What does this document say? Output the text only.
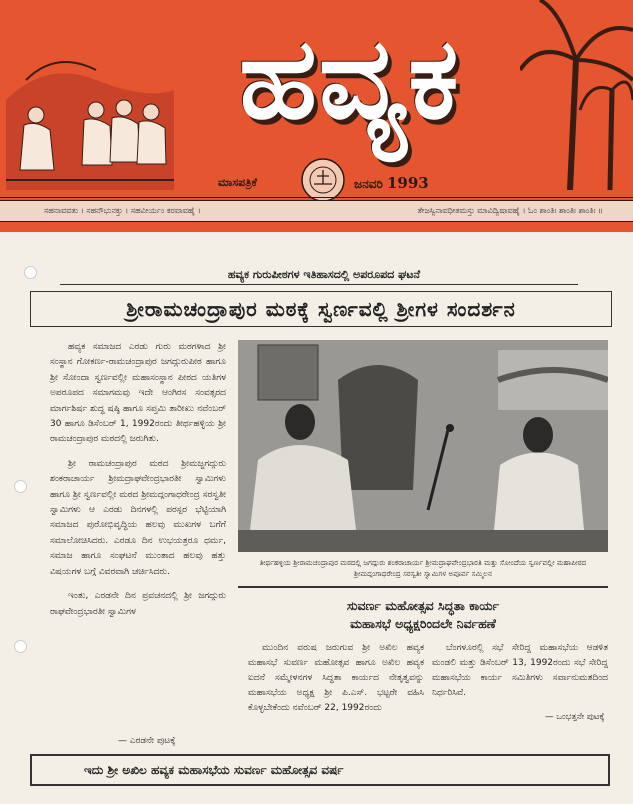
ಹವ್ಯಕ
ಮಾಸಪತ್ರಿಕೆ	ಜನವರಿ 1993
ಸಹನಾವವತು । ಸಹನೌಭುನಕ್ತು । ಸಹವೀರ್ಯಂ ಕರವಾವಹೈ ।	ತೇಜಸ್ವಿನಾವಧೀತಮಸ್ತು ಮಾವಿದ್ವಿಷಾವಹೈ । ಓಂ ಶಾಂತಿಃ ಶಾಂತಿಃ ಶಾಂತಿಃ ॥
ಹವ್ಯಕ ಗುರುಪೀಠಗಳ ಇತಿಹಾಸದಲ್ಲಿ ಅಪರೂಪದ ಘಟನೆ
ಶ್ರೀರಾಮಚಂದ್ರಾಪುರ ಮಠಕ್ಕೆ ಸ್ವರ್ಣವಲ್ಲಿ ಶ್ರೀಗಳ ಸಂದರ್ಶನ

ಹವ್ಯಕ ಸಮಾಜದ ಎರಡು ಗುರು ಮಠಗಳಾದ ಶ್ರೀ ಸಂಸ್ಥಾನ ಗೋಕರ್ಣ-ರಾಮಚಂದ್ರಾಪುರ ಜಗದ್ಗುರುಪೀಠ ಹಾಗೂ ಶ್ರೀ ಸೋಂದಾ ಸ್ವರ್ಣವಲ್ಲೀ ಮಹಾಸಂಸ್ಥಾನ ಪೀಠದ ಯತಿಗಳ ಅಪರೂಪದ ಸಮಾಗಮವು ಇದೇ ಆಂಗಿರಸ ಸಂವತ್ಸರದ ಮಾರ್ಗಶಿರ್ಷ ಶುದ್ಧ ಷಷ್ಠಿ ಹಾಗೂ ಸಪ್ತಮಿ ತಾರೀಖು ನವೆಂಬರ್ 30 ಹಾಗೂ ಡಿಸೆಂಬರ್ 1, 1992ರಂದು ತೀರ್ಥಹಳ್ಳಿಯ ಶ್ರೀ ರಾಮಚಂದ್ರಾಪುರ ಮಠದಲ್ಲಿ ಜರುಗಿತು.

ಶ್ರೀ ರಾಮಚಂದ್ರಾಪುರ ಮಠದ ಶ್ರೀಮಜ್ಜಗದ್ಗುರು ಶಂಕರಾಚಾರ್ಯ ಶ್ರೀಮದ್ರಾಘವೇಂದ್ರಭಾರತೀ ಸ್ವಾಮಿಗಳು ಹಾಗೂ ಶ್ರೀ ಸ್ವರ್ಣವಲ್ಲೀ ಮಠದ ಶ್ರೀಮದ್ಗಂಗಾಧರೇಂದ್ರ ಸರಸ್ವತೀ ಸ್ವಾಮಿಗಳು ಆ ಎರಡು ದಿನಗಳಲ್ಲಿ ಪರಸ್ಪರ ಭೆಟ್ಟಿಯಾಗಿ ಸಮಾಜದ ಪುರೋಭಿವೃದ್ಧಿಯ ಹಲವು ಮುಖಗಳ ಬಗೆಗೆ ಸಮಾಲೋಚಿಸಿದರು. ಎರಡೂ ದಿನ ಉಭಯತ್ರರೂ ಧರ್ಮ, ಸಮಾಜ ಹಾಗೂ ಸಂಘಟನೆ ಮುಂತಾದ ಹಲವು ಹತ್ತು ವಿಷಯಗಳ ಬಗ್ಗೆ ವಿವರವಾಗಿ ಚರ್ಚಿಸಿದರು.

ಇಂತು, ಎರಡನೇ ದಿನ ಪ್ರವಚನದಲ್ಲಿ ಶ್ರೀ ಜಗದ್ಗುರು ರಾಘವೇಂದ್ರಭಾರತೀ ಸ್ವಾಮಿಗಳ

— ಎರಡನೇ ಪುಟಕ್ಕೆ
ತೀರ್ಥಹಳ್ಳಿಯ ಶ್ರೀರಾಮಚಂದ್ರಾಪುರ ಮಠದಲ್ಲಿ ಜಗದ್ಗುರು ಶಂಕರಾಚಾರ್ಯ ಶ್ರೀಮದ್ರಾಘವೇಂದ್ರಭಾರತಿ ಮತ್ತು ಸೋಂದೆಯ ಸ್ವರ್ಣವಲ್ಲೀ ಮಹಾಪೀಠದ ಶ್ರೀಮದ್ಗಂಗಾಧರೇಂದ್ರ ಸರಸ್ವತೀ ಸ್ವಾಮಿಗಳ ಅಪೂರ್ವ ಸಮ್ಮಿಲನ
ಸುವರ್ಣ ಮಹೋತ್ಸವ ಸಿದ್ಧತಾ ಕಾರ್ಯ
ಮಹಾಸಭೆ ಅಧ್ಯಕ್ಷರಿಂದಲೇ ನಿರ್ವಹಣೆ

ಮುಂದಿನ ವರುಷ ಜರುಗುವ ಶ್ರೀ ಅಖಿಲ ಹವ್ಯಕ ಮಹಾಸಭೆ ಸುವರ್ಣ ಮಹೋತ್ಸವ ಹಾಗೂ ಅಖಿಲ ಹವ್ಯಕ ಐದನೆ ಸಮ್ಮೇಳನಗಳ ಸಿದ್ಧತಾ ಕಾರ್ಯದ ನೇತೃತ್ವವನ್ನು ಮಹಾಸಭೆಯ ಅಧ್ಯಕ್ಷ ಶ್ರೀ ಪಿ.ಎಸ್. ಭಟ್ಟರೇ ವಹಿಸಿ ಕೊಳ್ಳಬೇಕೆಂದು ನವೆಂಬರ್ 22, 1992ರಂದು

ಬೆಂಗಳೂರಲ್ಲಿ ಸಭೆ ಸೇರಿದ್ದ ಮಹಾಸಭೆಯ ಆಡಳಿತ ಮಂಡಲಿ ಮತ್ತು ಡಿಸೆಂಬರ್ 13, 1992ರಂದು ಸಭೆ ಸೇರಿದ್ದ ಮಹಾಸಭೆಯ ಕಾರ್ಯ ಸಮಿತಿಗಳು ಸರ್ವಾನುಮತದಿಂದ ನಿರ್ಧರಿಸಿವೆ.

— ಒಂಭತ್ತನೇ ಪುಟಕ್ಕೆ
ಇದು ಶ್ರೀ ಅಖಿಲ ಹವ್ಯಕ ಮಹಾಸಭೆಯ ಸುವರ್ಣ ಮಹೋತ್ಸವ ವರ್ಷ
